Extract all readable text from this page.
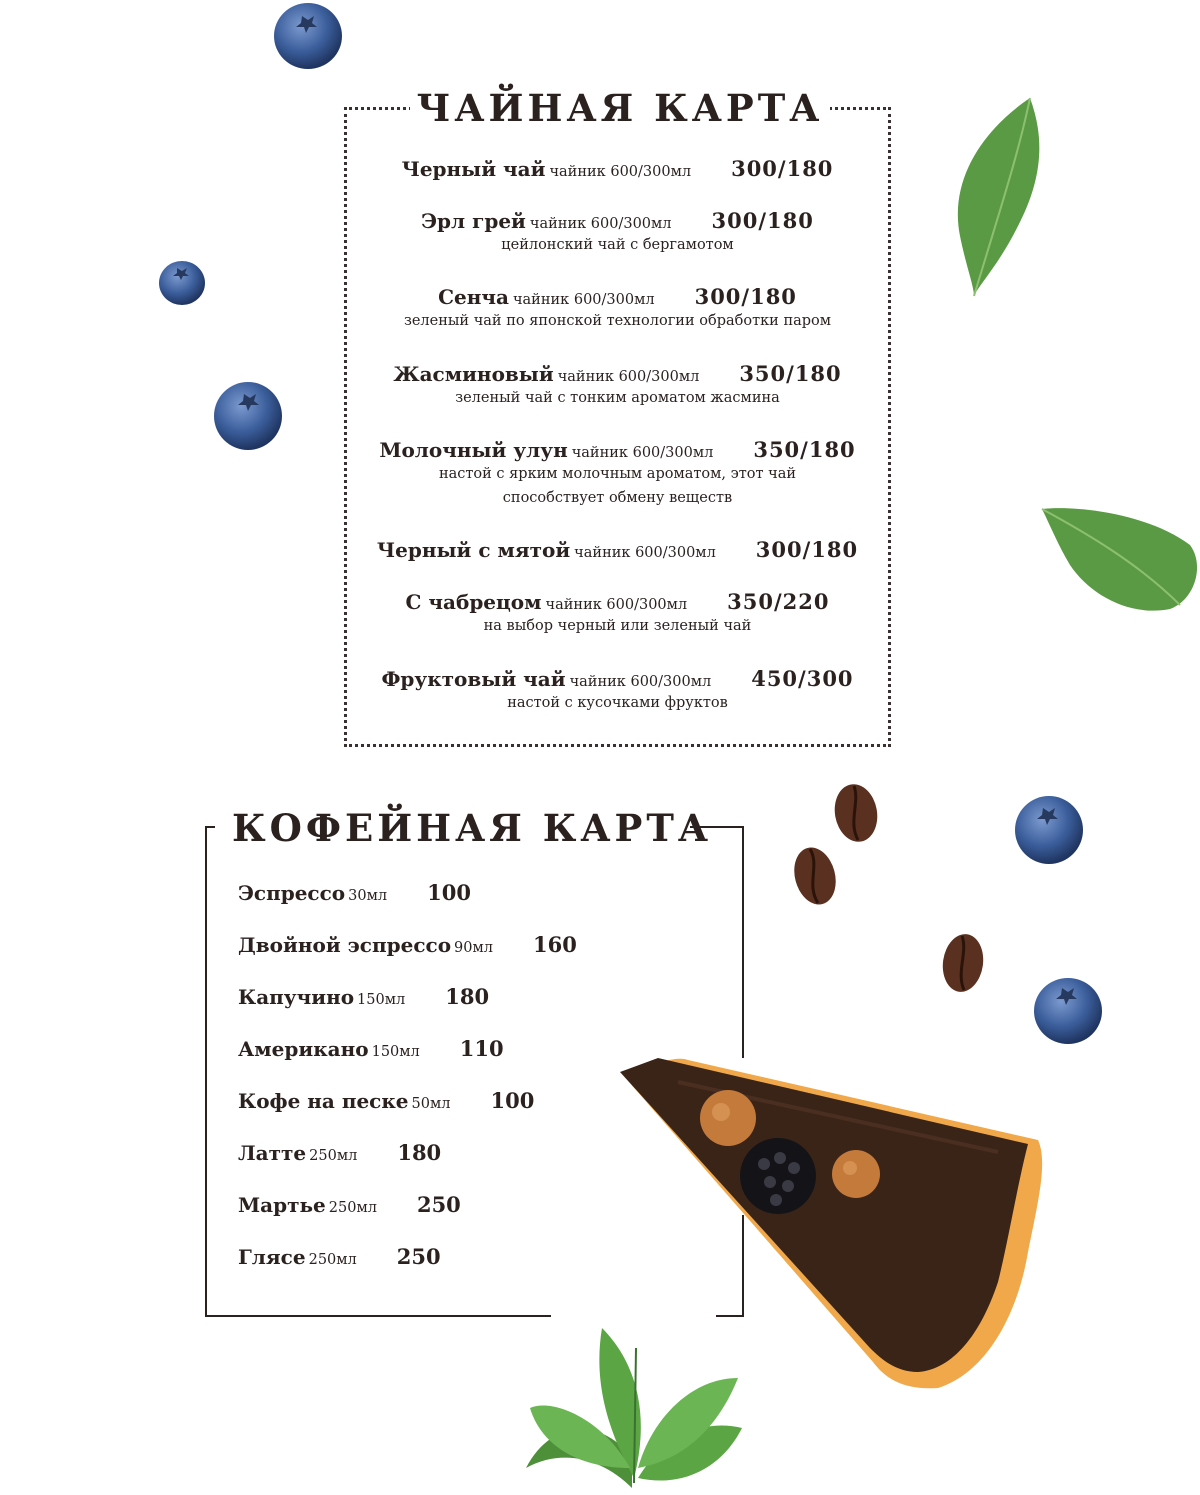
ЧАЙНАЯ КАРТА
Черный чай чайник 600/300мл 300/180
Эрл грей чайник 600/300мл 300/180
цейлонский чай с бергамотом
Сенча чайник 600/300мл 300/180
зеленый чай по японской технологии обработки паром
Жасминовый чайник 600/300мл 350/180
зеленый чай с тонким ароматом жасмина
Молочный улун чайник 600/300мл 350/180
настой с ярким молочным ароматом, этот чай
способствует обмену веществ
Черный с мятой чайник 600/300мл 300/180
С чабрецом чайник 600/300мл 350/220
на выбор черный или зеленый чай
Фруктовый чай чайник 600/300мл 450/300
настой с кусочками фруктов
КОФЕЙНАЯ КАРТА
Эспрессо 30мл 100
Двойной эспрессо 90мл 160
Капучино 150мл 180
Американо 150мл 110
Кофе на песке 50мл 100
Латте 250мл 180
Мартье 250мл 250
Глясе 250мл 250
